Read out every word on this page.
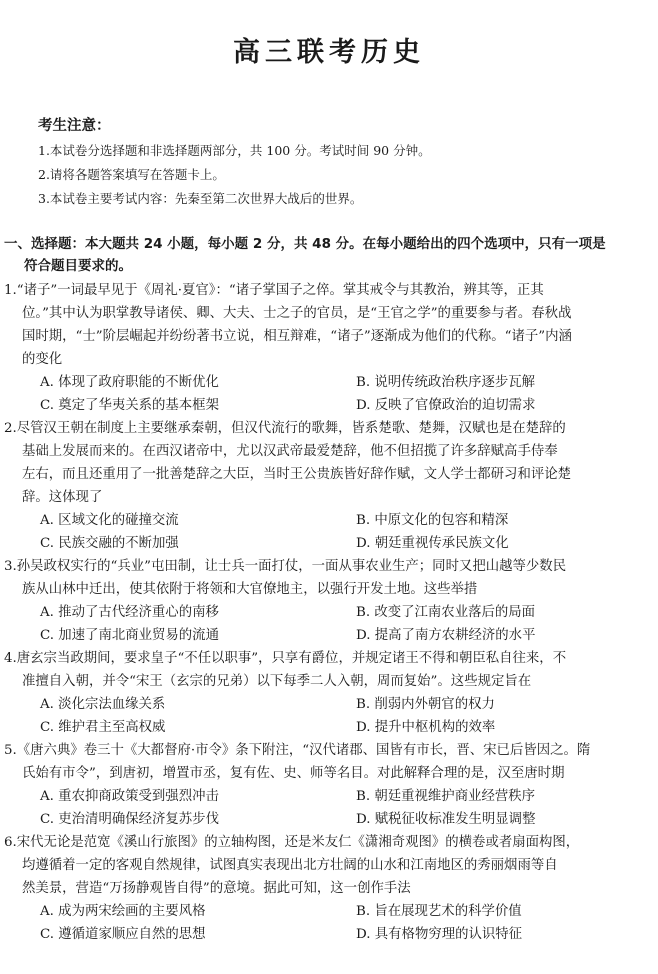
高三联考历史
考生注意：
1.本试卷分选择题和非选择题两部分，共 100 分。考试时间 90 分钟。
2.请将各题答案填写在答题卡上。
3.本试卷主要考试内容：先秦至第二次世界大战后的世界。
一、选择题：本大题共 24 小题，每小题 2 分，共 48 分。在每小题给出的四个选项中，只有一项是
符合题目要求的。
1.“诸子”一词最早见于《周礼·夏官》：“诸子掌国子之倅。掌其戒令与其教治，辨其等，正其
位。”其中认为职掌教导诸侯、卿、大夫、士之子的官员，是“王官之学”的重要参与者。春秋战
国时期，“士”阶层崛起并纷纷著书立说，相互辩难，“诸子”逐渐成为他们的代称。“诸子”内涵
的变化
A. 体现了政府职能的不断优化	B. 说明传统政治秩序逐步瓦解
C. 奠定了华夷关系的基本框架	D. 反映了官僚政治的迫切需求
2.尽管汉王朝在制度上主要继承秦朝，但汉代流行的歌舞，皆系楚歌、楚舞，汉赋也是在楚辞的
基础上发展而来的。在西汉诸帝中，尤以汉武帝最爱楚辞，他不但招揽了许多辞赋高手侍奉
左右，而且还重用了一批善楚辞之大臣，当时王公贵族皆好辞作赋，文人学士都研习和评论楚
辞。这体现了
A. 区域文化的碰撞交流	B. 中原文化的包容和精深
C. 民族交融的不断加强	D. 朝廷重视传承民族文化
3.孙吴政权实行的“兵业”屯田制，让士兵一面打仗，一面从事农业生产；同时又把山越等少数民
族从山林中迁出，使其依附于将领和大官僚地主，以强行开发土地。这些举措
A. 推动了古代经济重心的南移	B. 改变了江南农业落后的局面
C. 加速了南北商业贸易的流通	D. 提高了南方农耕经济的水平
4.唐玄宗当政期间，要求皇子“不任以职事”，只享有爵位，并规定诸王不得和朝臣私自往来，不
准擅自入朝，并令“宋王（玄宗的兄弟）以下每季二人入朝，周而复始”。这些规定旨在
A. 淡化宗法血缘关系	B. 削弱内外朝官的权力
C. 维护君主至高权威	D. 提升中枢机构的效率
5.《唐六典》卷三十《大都督府·市令》条下附注，“汉代诸郡、国皆有市长，晋、宋已后皆因之。隋
氏始有市令”，到唐初，增置市丞，复有佐、史、师等名目。对此解释合理的是，汉至唐时期
A. 重农抑商政策受到强烈冲击	B. 朝廷重视维护商业经营秩序
C. 吏治清明确保经济复苏步伐	D. 赋税征收标准发生明显调整
6.宋代无论是范宽《溪山行旅图》的立轴构图，还是米友仁《潇湘奇观图》的横卷或者扇面构图，
均遵循着一定的客观自然规律，试图真实表现出北方壮阔的山水和江南地区的秀丽烟雨等自
然美景，营造“万扬静观皆自得”的意境。据此可知，这一创作手法
A. 成为两宋绘画的主要风格	B. 旨在展现艺术的科学价值
C. 遵循道家顺应自然的思想	D. 具有格物穷理的认识特征
